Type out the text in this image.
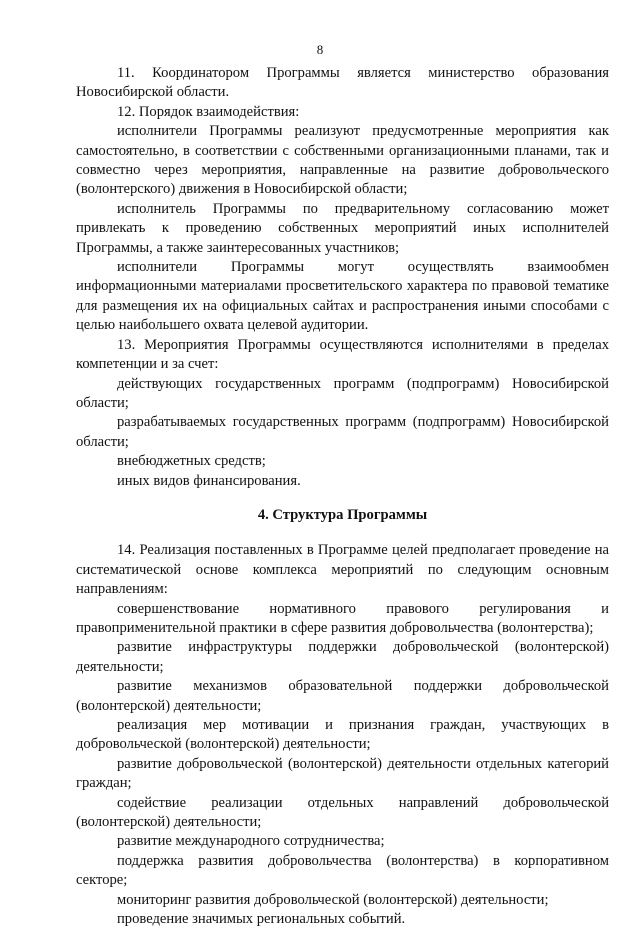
8

11. Координатором Программы является министерство образования Новосибирской области.

12. Порядок взаимодействия:

исполнители Программы реализуют предусмотренные мероприятия как самостоятельно, в соответствии с собственными организационными планами, так и совместно через мероприятия, направленные на развитие добровольческого (волонтерского) движения в Новосибирской области;

исполнитель Программы по предварительному согласованию может привлекать к проведению собственных мероприятий иных исполнителей Программы, а также заинтересованных участников;

исполнители Программы могут осуществлять взаимообмен информационными материалами просветительского характера по правовой тематике для размещения их на официальных сайтах и распространения иными способами с целью наибольшего охвата целевой аудитории.

13. Мероприятия Программы осуществляются исполнителями в пределах компетенции и за счет:

действующих государственных программ (подпрограмм) Новосибирской области;

разрабатываемых государственных программ (подпрограмм) Новосибирской области;

внебюджетных средств;

иных видов финансирования.

4. Структура Программы

14. Реализация поставленных в Программе целей предполагает проведение на систематической основе комплекса мероприятий по следующим основным направлениям:

совершенствование нормативного правового регулирования и правоприменительной практики в сфере развития добровольчества (волонтерства);

развитие инфраструктуры поддержки добровольческой (волонтерской) деятельности;

развитие механизмов образовательной поддержки добровольческой (волонтерской) деятельности;

реализация мер мотивации и признания граждан, участвующих в добровольческой (волонтерской) деятельности;

развитие добровольческой (волонтерской) деятельности отдельных категорий граждан;

содействие реализации отдельных направлений добровольческой (волонтерской) деятельности;

развитие международного сотрудничества;

поддержка развития добровольчества (волонтерства) в корпоративном секторе;

мониторинг развития добровольческой (волонтерской) деятельности;

проведение значимых региональных событий.
